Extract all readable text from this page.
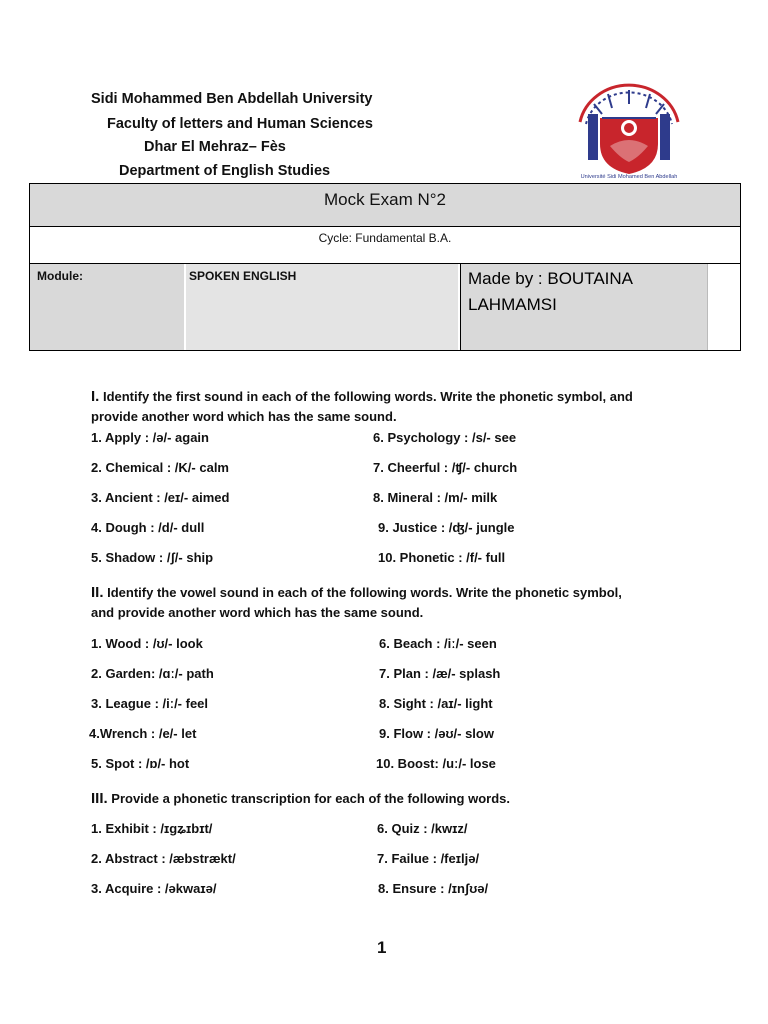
Sidi Mohammed Ben Abdellah University
Faculty of letters and Human Sciences
Dhar El Mehraz– Fès
Department of English Studies	Université Sidi Mohamed Ben Abdellah
Mock Exam N°2
Cycle: Fundamental B.A.
Module:	SPOKEN ENGLISH	Made by : BOUTAINA
LAHMAMSI
I. Identify the first sound in each of the following words. Write the phonetic symbol, and
provide another word which has the same sound.
1. Apply : /ə/- again
2. Chemical : /K/- calm
3. Ancient : /eɪ/- aimed
4. Dough : /d/- dull
5. Shadow : /ʃ/- ship
6. Psychology : /s/- see
7. Cheerful : /ʧ/- church
8. Mineral : /m/- milk
9. Justice : /ʤ/- jungle
10. Phonetic : /f/- full
II. Identify the vowel sound in each of the following words. Write the phonetic symbol,
and provide another word which has the same sound.
1. Wood : /ʊ/- look
2. Garden: /ɑː/- path
3. League : /iː/- feel
4.Wrench : /e/- let
5. Spot : /ɒ/- hot
6. Beach : /iː/- seen
7. Plan : /æ/- splash
8. Sight : /aɪ/- light
9. Flow : /əʊ/- slow
10. Boost: /uː/- lose
III. Provide a phonetic transcription for each of the following words.
1. Exhibit : /ɪgʑɪbɪt/
2. Abstract : /æbstrækt/
3. Acquire : /əkwaɪə/
6. Quiz : /kwɪz/
7. Failue : /feɪljə/
8. Ensure : /ɪnʃʊə/
1
